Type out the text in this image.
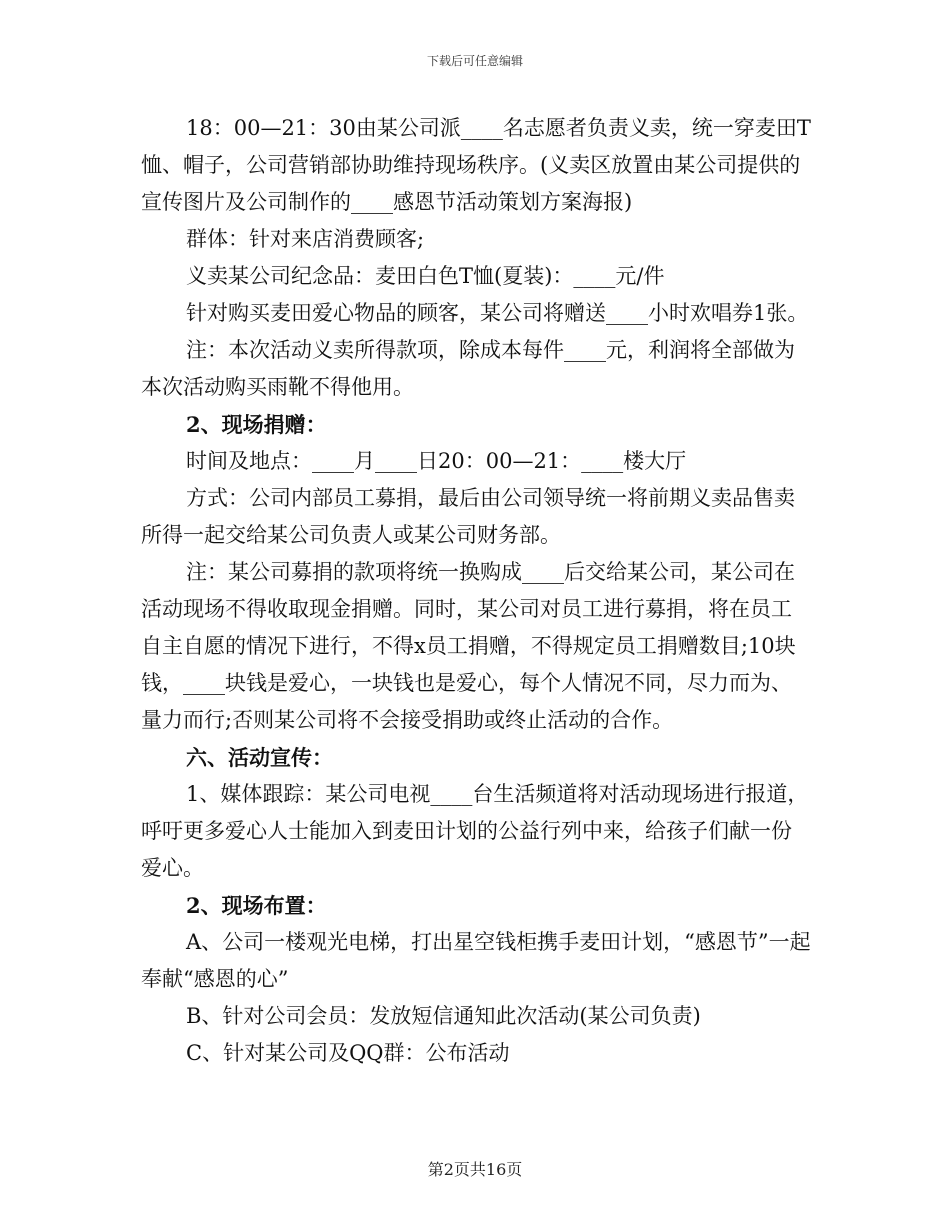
下载后可任意编辑

18：00—21：30由某公司派____名志愿者负责义卖，统一穿麦田T恤、帽子，公司营销部协助维持现场秩序。(义卖区放置由某公司提供的宣传图片及公司制作的____感恩节活动策划方案海报)

群体：针对来店消费顾客;

义卖某公司纪念品：麦田白色T恤(夏装)：____元/件

针对购买麦田爱心物品的顾客，某公司将赠送____小时欢唱券1张。

注：本次活动义卖所得款项，除成本每件____元，利润将全部做为本次活动购买雨靴不得他用。

2、现场捐赠：

时间及地点：____月____日20：00—21：____楼大厅

方式：公司内部员工募捐，最后由公司领导统一将前期义卖品售卖所得一起交给某公司负责人或某公司财务部。

注：某公司募捐的款项将统一换购成____后交给某公司，某公司在活动现场不得收取现金捐赠。同时，某公司对员工进行募捐，将在员工自主自愿的情况下进行，不得x员工捐赠，不得规定员工捐赠数目;10块钱，____块钱是爱心，一块钱也是爱心，每个人情况不同，尽力而为、量力而行;否则某公司将不会接受捐助或终止活动的合作。

六、活动宣传：

1、媒体跟踪：某公司电视____台生活频道将对活动现场进行报道，呼吁更多爱心人士能加入到麦田计划的公益行列中来，给孩子们献一份爱心。

2、现场布置：

A、公司一楼观光电梯，打出星空钱柜携手麦田计划，“感恩节”一起奉献“感恩的心”

B、针对公司会员：发放短信通知此次活动(某公司负责)

C、针对某公司及QQ群：公布活动

第2页共16页
